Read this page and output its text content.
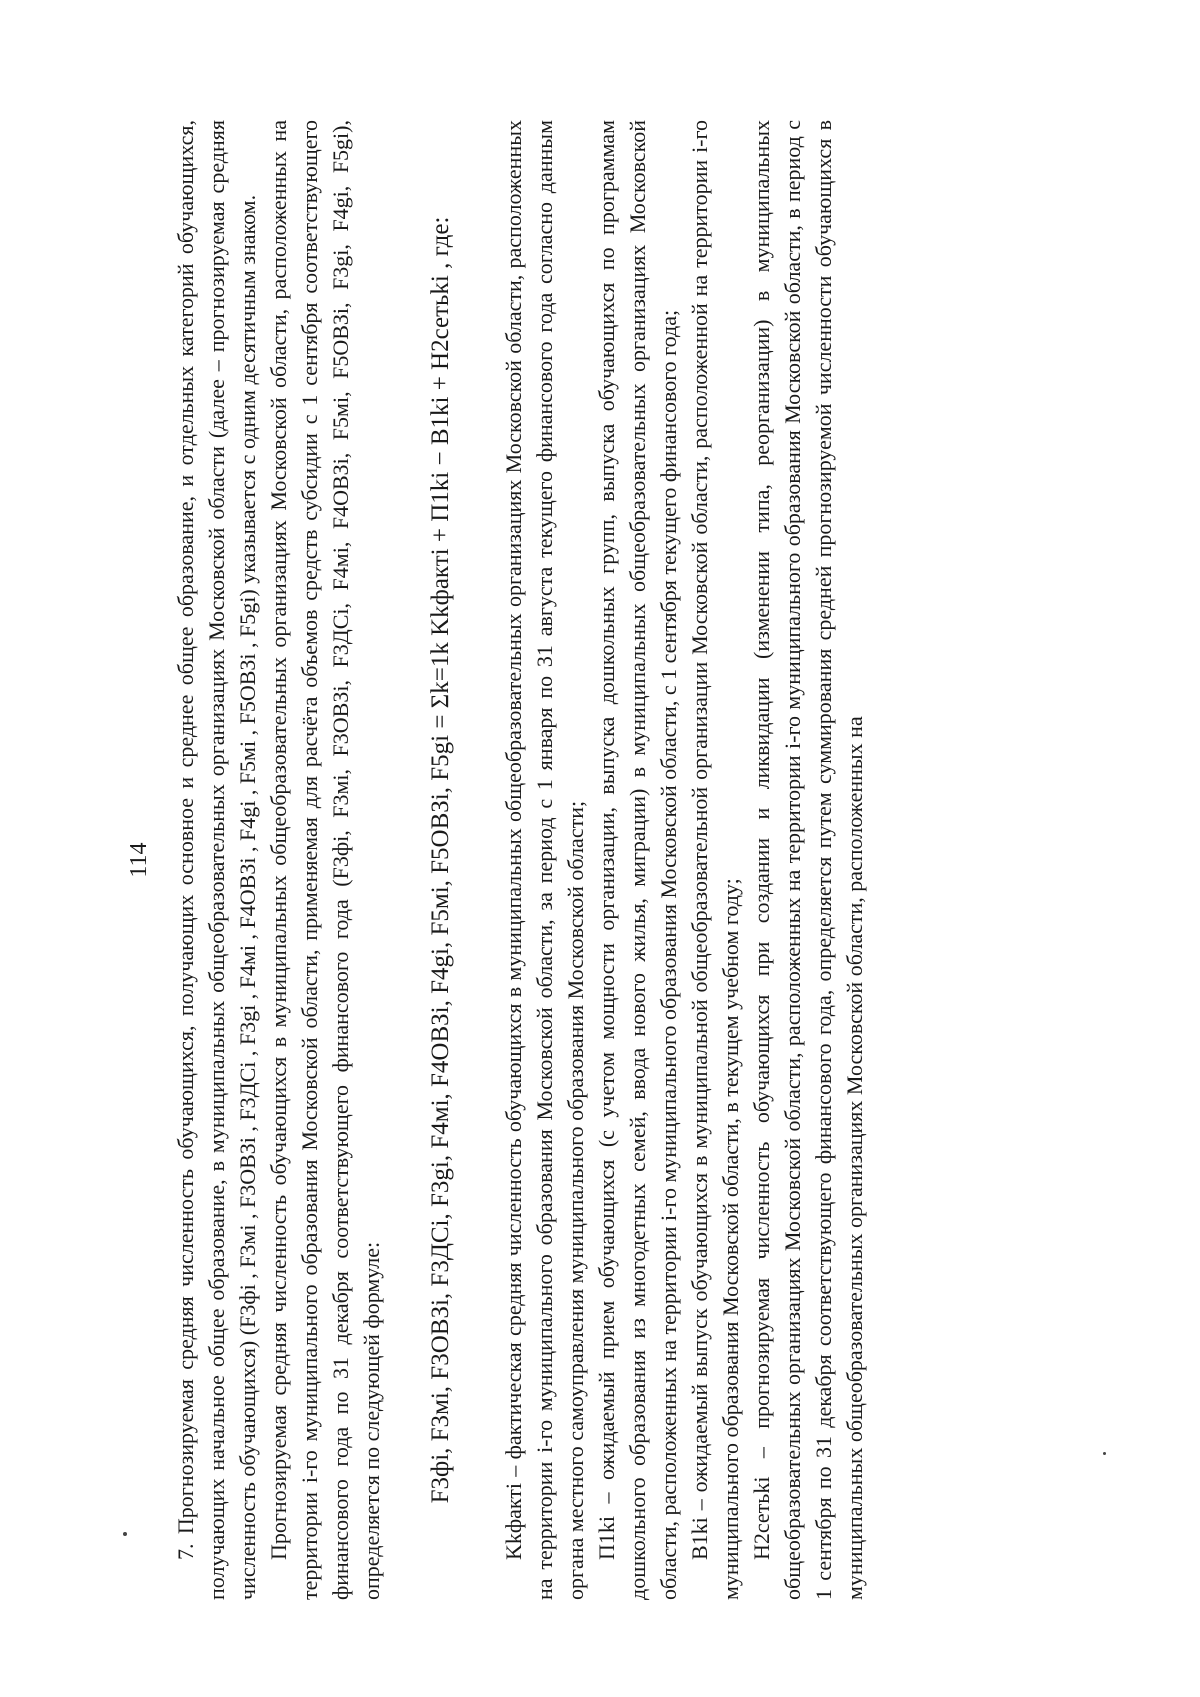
114 7. Прогнозируемая средняя численность обучающихся, получающих основное и среднее общее образование, и отдельных категорий обучающихся, получающих начальное общее образование, в муниципальных общеобразовательных организациях Московской области (далее – прогнозируемая средняя численность обучающихся) (F3фi , F3мi , F3ОВЗi , F3ДСi , F3gi , F4мi , F4ОВЗi , F4gi , F5мi , F5ОВЗi , F5gi) указывается с одним десятичным знаком. Прогнозируемая средняя численность обучающихся в муниципальных общеобразовательных организациях Московской области, расположенных на территории i-го муниципального образования Московской области, применяемая для расчёта объемов средств субсидии с 1 сентября соответствующего финансового года по 31 декабря соответствующего финансового года (F3фi, F3мi, F3ОВЗi, F3ДСi, F4мi, F4ОВЗi, F5мi, F5ОВЗi, F3gi, F4gi, F5gi), определяется по следующей формуле: F3фi, F3мi, F3ОВЗi, F3ДСi, F3gi, F4мi, F4ОВЗi, F4gi, F5мi, F5ОВЗi, F5gi = Σk=1k Kkфактi + П1ki − В1ki + Н2сетьki , где: Kkфактi – фактическая средняя численность обучающихся в муниципальных общеобразовательных организациях Московской области, расположенных на территории i-го муниципального образования Московской области, за период с 1 января по 31 августа текущего финансового года согласно данным органа местного самоуправления муниципального образования Московской области; П1ki – ожидаемый прием обучающихся (с учетом мощности организации, выпуска дошкольных групп, выпуска обучающихся по программам дошкольного образования из многодетных семей, ввода нового жилья, миграции) в муниципальных общеобразовательных организациях Московской области, расположенных на территории i-го муниципального образования Московской области, с 1 сентября текущего финансового года; В1ki – ожидаемый выпуск обучающихся в муниципальной общеобразовательной организации Московской области, расположенной на территории i-го муниципального образования Московской области, в текущем учебном году; Н2сетьki – прогнозируемая численность обучающихся при создании и ликвидации (изменении типа, реорганизации) в муниципальных общеобразовательных организациях Московской области, расположенных на территории i-го муниципального образования Московской области, в период с 1 сентября по 31 декабря соответствующего финансового года, определяется путем суммирования средней прогнозируемой численности обучающихся в муниципальных общеобразовательных организациях Московской области, расположенных на
